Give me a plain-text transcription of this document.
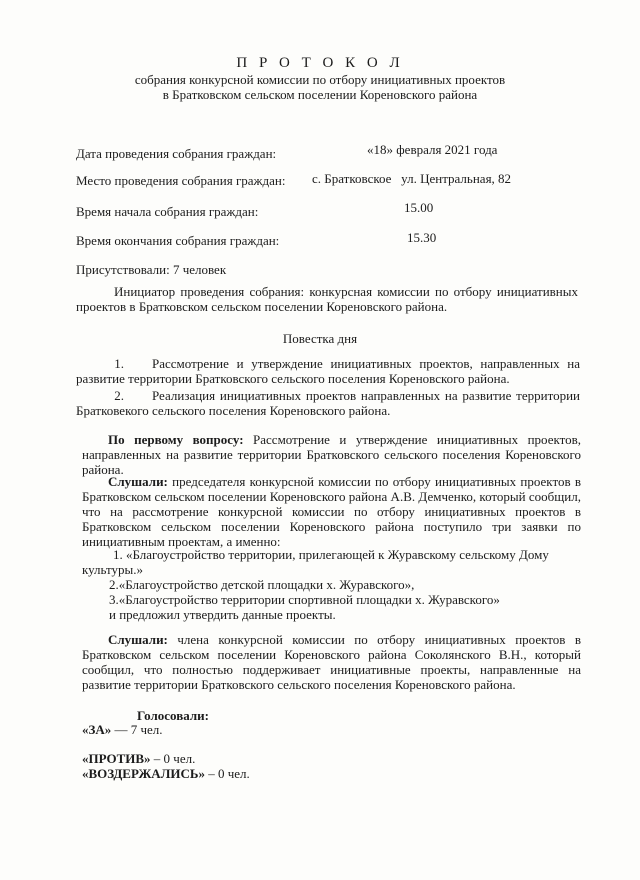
П Р О Т О К О Л
собрания конкурсной комиссии по отбору инициативных проектов
в Братковском сельском поселении Кореновского района
Дата проведения собрания граждан:	«18» февраля 2021 года
Место проведения собрания граждан: с. Братковское   ул. Центральная, 82
Время начала собрания граждан:	15.00
Время окончания собрания граждан:	15.30
Присутствовали: 7 человек
Инициатор проведения собрания: конкурсная комиссии по отбору инициативных проектов в Братковском сельском поселении Кореновского района.
Повестка дня
1. Рассмотрение и утверждение инициативных проектов, направленных на развитие территории Братковского сельского поселения Кореновского района.
2. Реализация инициативных проектов направленных на развитие территории Братковекого сельского поселения Кореновского района.
По первому вопросу: Рассмотрение и утверждение инициативных проектов, направленных на развитие территории Братковского сельского поселения Кореновского района.
Слушали: председателя конкурсной комиссии по отбору инициативных проектов в Братковском сельском поселении Кореновского района А.В. Демченко, который сообщил, что на рассмотрение конкурсной комиссии по отбору инициативных проектов в Братковском сельском поселении Кореновского района поступило три заявки по инициативным проектам, а именно:
1. «Благоустройство территории, прилегающей к Журавскому сельскому Дому
культуры.»
2.«Благоустройство детской площадки х. Журавского»,
3.«Благоустройство территории спортивной площадки х. Журавского»
и предложил утвердить данные проекты.
Слушали: члена конкурсной комиссии по отбору инициативных проектов в Братковском сельском поселении Кореновского района Соколянского В.Н., который сообщил, что полностью поддерживает инициативные проекты, направленные на развитие территории Братковского сельского поселения Кореновского района.
Голосовали:
«ЗА» — 7 чел.
«ПРОТИВ» – 0 чел.
«ВОЗДЕРЖАЛИСЬ» – 0 чел.
